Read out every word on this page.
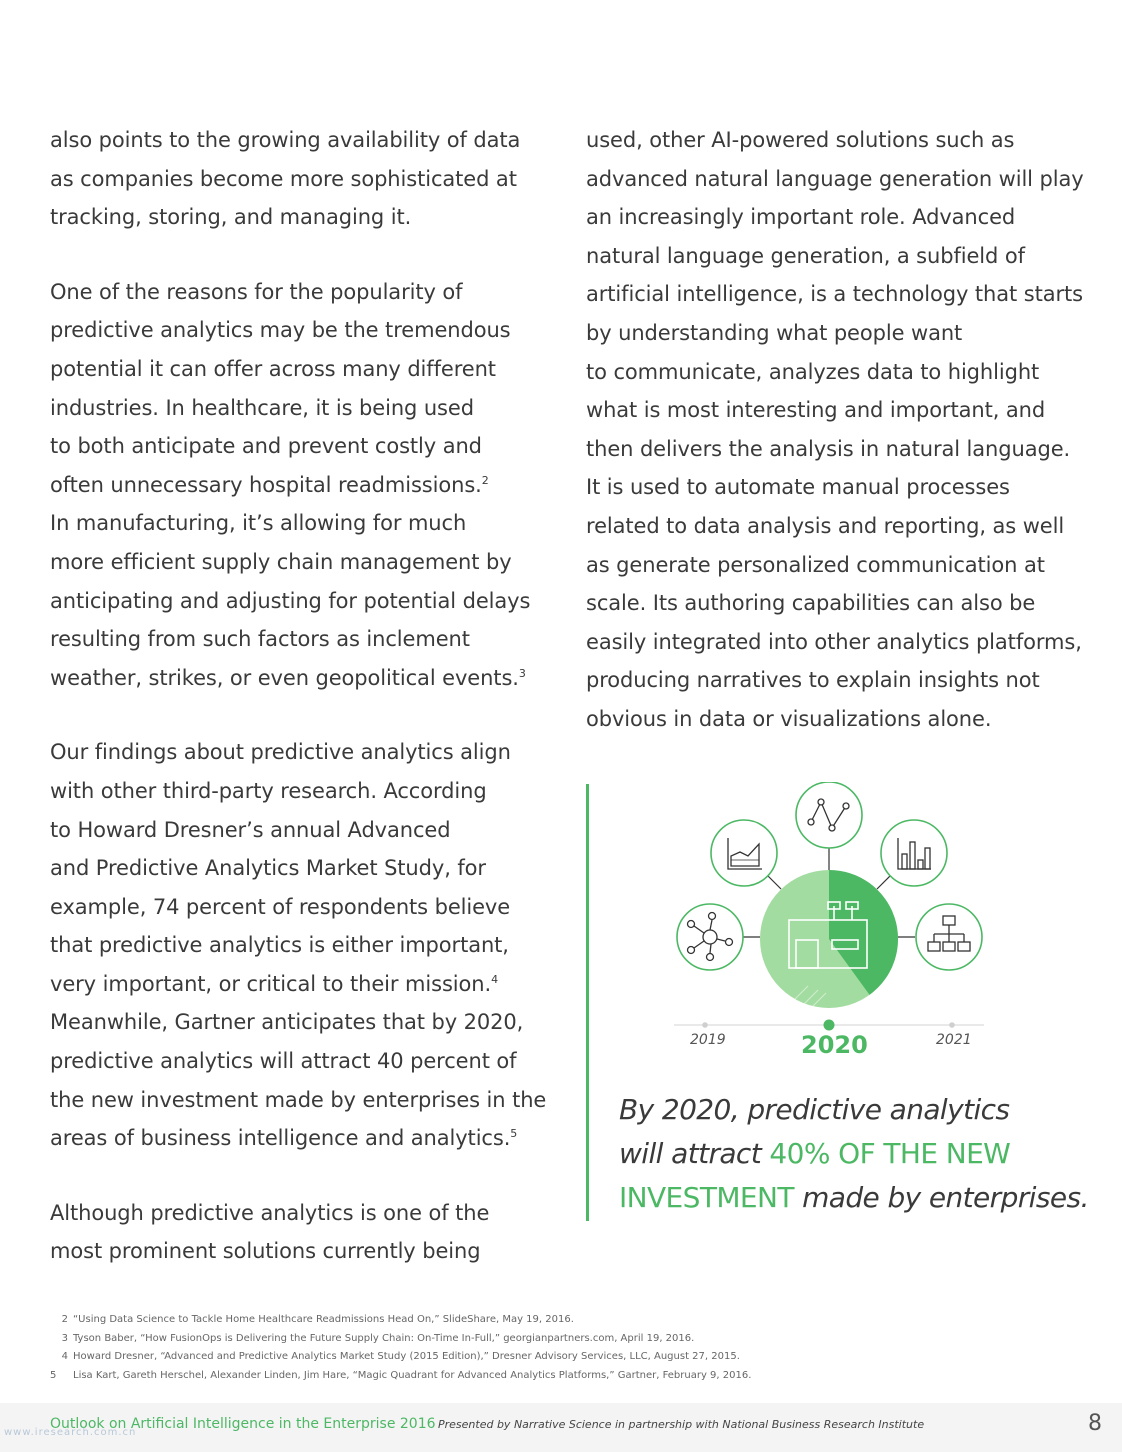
also points to the growing availability of data
as companies become more sophisticated at
tracking, storing, and managing it.

One of the reasons for the popularity of
predictive analytics may be the tremendous
potential it can offer across many different
industries. In healthcare, it is being used
to both anticipate and prevent costly and
often unnecessary hospital readmissions.$^2$
In manufacturing, it’s allowing for much
more efficient supply chain management by
anticipating and adjusting for potential delays
resulting from such factors as inclement
weather, strikes, or even geopolitical events.$^3$

Our findings about predictive analytics align
with other third-party research. According
to Howard Dresner’s annual Advanced
and Predictive Analytics Market Study, for
example, 74 percent of respondents believe
that predictive analytics is either important,
very important, or critical to their mission.$^4$
Meanwhile, Gartner anticipates that by 2020,
predictive analytics will attract 40 percent of
the new investment made by enterprises in the
areas of business intelligence and analytics.$^5$

Although predictive analytics is one of the
most prominent solutions currently being

used, other AI-powered solutions such as
advanced natural language generation will play
an increasingly important role. Advanced
natural language generation, a subfield of
artificial intelligence, is a technology that starts
by understanding what people want
to communicate, analyzes data to highlight
what is most interesting and important, and
then delivers the analysis in natural language.
It is used to automate manual processes
related to data analysis and reporting, as well
as generate personalized communication at
scale. Its authoring capabilities can also be
easily integrated into other analytics platforms,
producing narratives to explain insights not
obvious in data or visualizations alone.

2019	2020	2021
By 2020, predictive analytics
will attract 40% OF THE NEW
INVESTMENT made by enterprises.
2 “Using Data Science to Tackle Home Healthcare Readmissions Head On,” SlideShare, May 19, 2016.
3 Tyson Baber, “How FusionOps is Delivering the Future Supply Chain: On-Time In-Full,” georgianpartners.com, April 19, 2016.
4 Howard Dresner, “Advanced and Predictive Analytics Market Study (2015 Edition),” Dresner Advisory Services, LLC, August 27, 2015.
5 Lisa Kart, Gareth Herschel, Alexander Linden, Jim Hare, “Magic Quadrant for Advanced Analytics Platforms,” Gartner, February 9, 2016.
Outlook on Artificial Intelligence in the Enterprise 2016 Presented by Narrative Science in partnership with National Business Research Institute	8
www.iresearch.com.cn
